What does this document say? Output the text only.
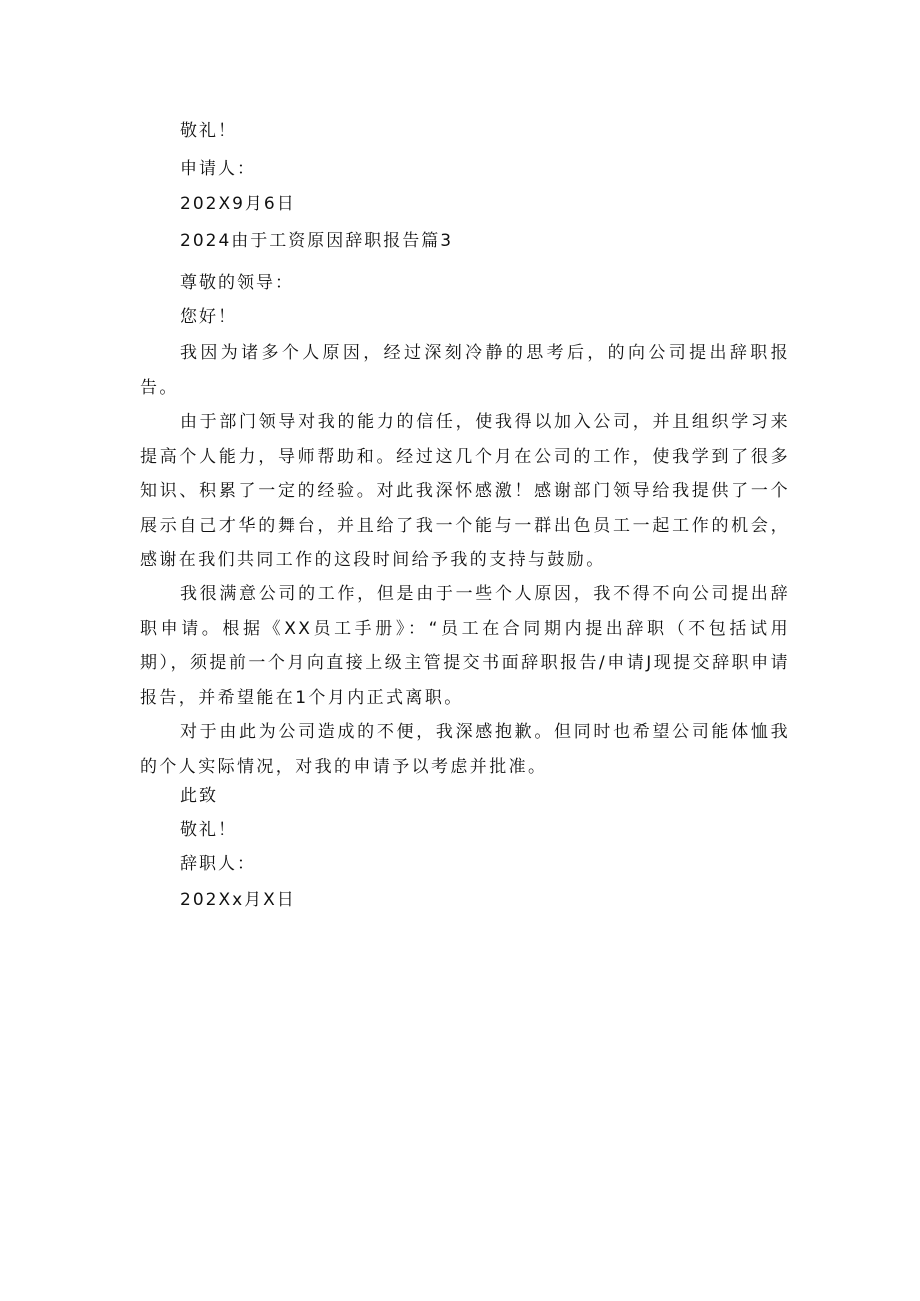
敬礼！
申请人：
202X9月6日
2024由于工资原因辞职报告篇3
尊敬的领导：
您好！
我因为诸多个人原因，经过深刻冷静的思考后，的向公司提出辞职报告。
由于部门领导对我的能力的信任，使我得以加入公司，并且组织学习来提高个人能力，导师帮助和。经过这几个月在公司的工作，使我学到了很多知识、积累了一定的经验。对此我深怀感激！感谢部门领导给我提供了一个展示自己才华的舞台，并且给了我一个能与一群出色员工一起工作的机会，感谢在我们共同工作的这段时间给予我的支持与鼓励。
我很满意公司的工作，但是由于一些个人原因，我不得不向公司提出辞职申请。根据《XX员工手册》：“员工在合同期内提出辞职（不包括试用期），须提前一个月向直接上级主管提交书面辞职报告/申请J现提交辞职申请报告，并希望能在1个月内正式离职。
对于由此为公司造成的不便，我深感抱歉。但同时也希望公司能体恤我的个人实际情况，对我的申请予以考虑并批准。
此致
敬礼！
辞职人：
202Xx月X日
